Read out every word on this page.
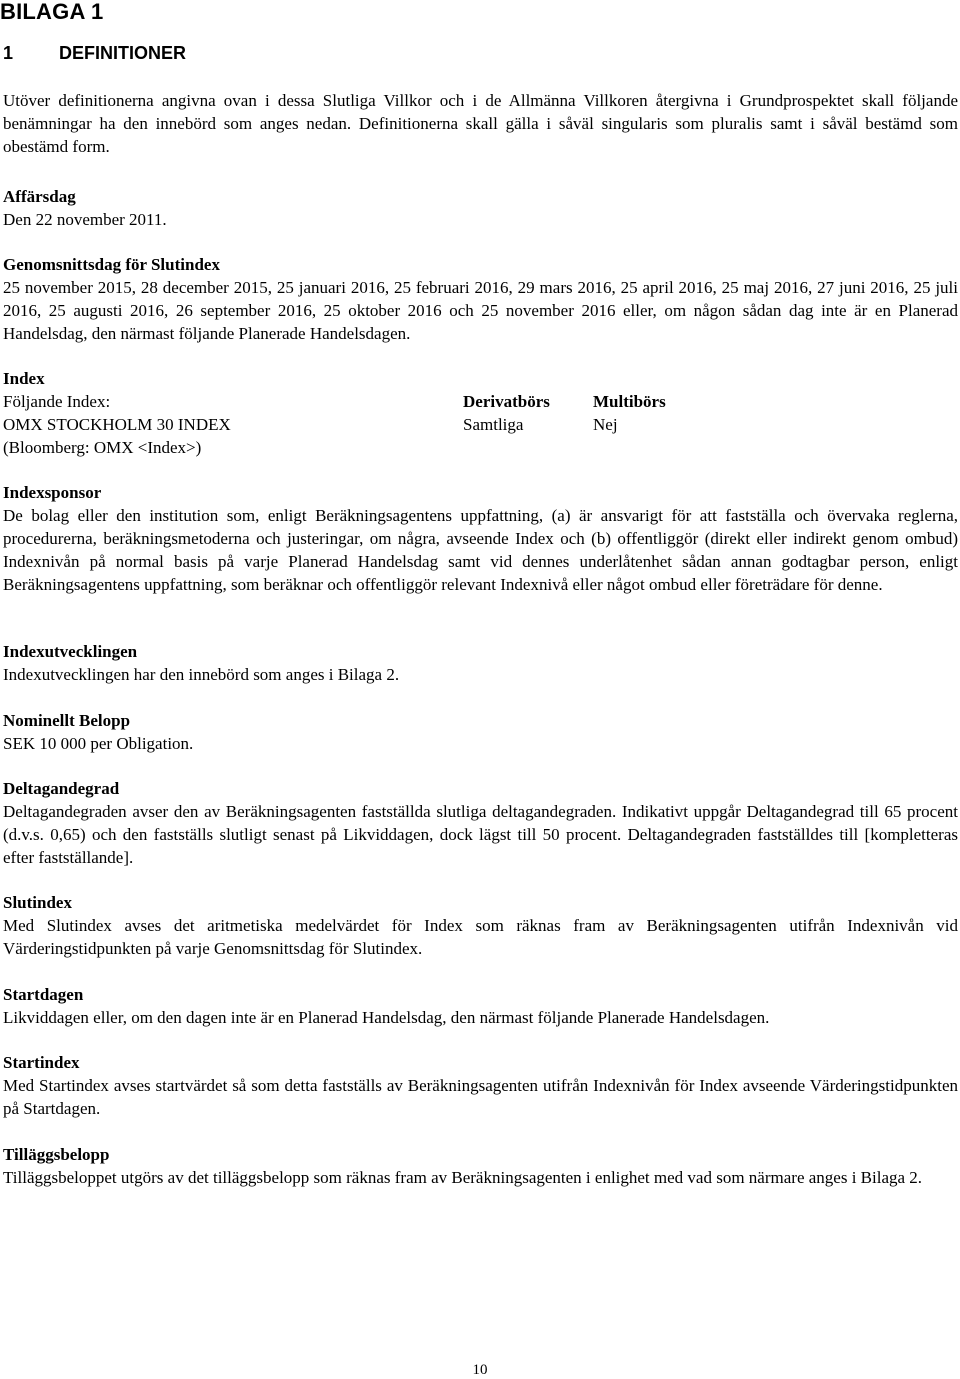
BILAGA 1
1	DEFINITIONER

Utöver definitionerna angivna ovan i dessa Slutliga Villkor och i de Allmänna Villkoren återgivna i Grundprospektet skall följande benämningar ha den innebörd som anges nedan. Definitionerna skall gälla i såväl singularis som pluralis samt i såväl bestämd som obestämd form.

Affärsdag

Den 22 november 2011.

Genomsnittsdag för Slutindex

25 november 2015, 28 december 2015, 25 januari 2016, 25 februari 2016, 29 mars 2016, 25 april 2016, 25 maj 2016, 27 juni 2016, 25 juli 2016, 25 augusti 2016, 26 september 2016, 25 oktober 2016 och 25 november 2016 eller, om någon sådan dag inte är en Planerad Handelsdag, den närmast följande Planerade Handelsdagen.

Index

Följande Index:	Derivatbörs	Multibörs
OMX STOCKHOLM 30 INDEX	Samtliga	Nej
(Bloomberg: OMX <Index>)

Indexsponsor

De bolag eller den institution som, enligt Beräkningsagentens uppfattning, (a) är ansvarigt för att fastställa och övervaka reglerna, procedurerna, beräkningsmetoderna och justeringar, om några, avseende Index och (b) offentliggör (direkt eller indirekt genom ombud) Indexnivån på normal basis på varje Planerad Handelsdag samt vid dennes underlåtenhet sådan annan godtagbar person, enligt Beräkningsagentens uppfattning, som beräknar och offentliggör relevant Indexnivå eller något ombud eller företrädare för denne.

Indexutvecklingen

Indexutvecklingen har den innebörd som anges i Bilaga 2.

Nominellt Belopp

SEK 10 000 per Obligation.

Deltagandegrad

Deltagandegraden avser den av Beräkningsagenten fastställda slutliga deltagandegraden. Indikativt uppgår Deltagandegrad till 65 procent (d.v.s. 0,65) och den fastställs slutligt senast på Likviddagen, dock lägst till 50 procent. Deltagandegraden fastställdes till [kompletteras efter fastställande].

Slutindex

Med Slutindex avses det aritmetiska medelvärdet för Index som räknas fram av Beräkningsagenten utifrån Indexnivån vid Värderingstidpunkten på varje Genomsnittsdag för Slutindex.

Startdagen

Likviddagen eller, om den dagen inte är en Planerad Handelsdag, den närmast följande Planerade Handelsdagen.

Startindex

Med Startindex avses startvärdet så som detta fastställs av Beräkningsagenten utifrån Indexnivån för Index avseende Värderingstidpunkten på Startdagen.

Tilläggsbelopp

Tilläggsbeloppet utgörs av det tilläggsbelopp som räknas fram av Beräkningsagenten i enlighet med vad som närmare anges i Bilaga 2.

10
